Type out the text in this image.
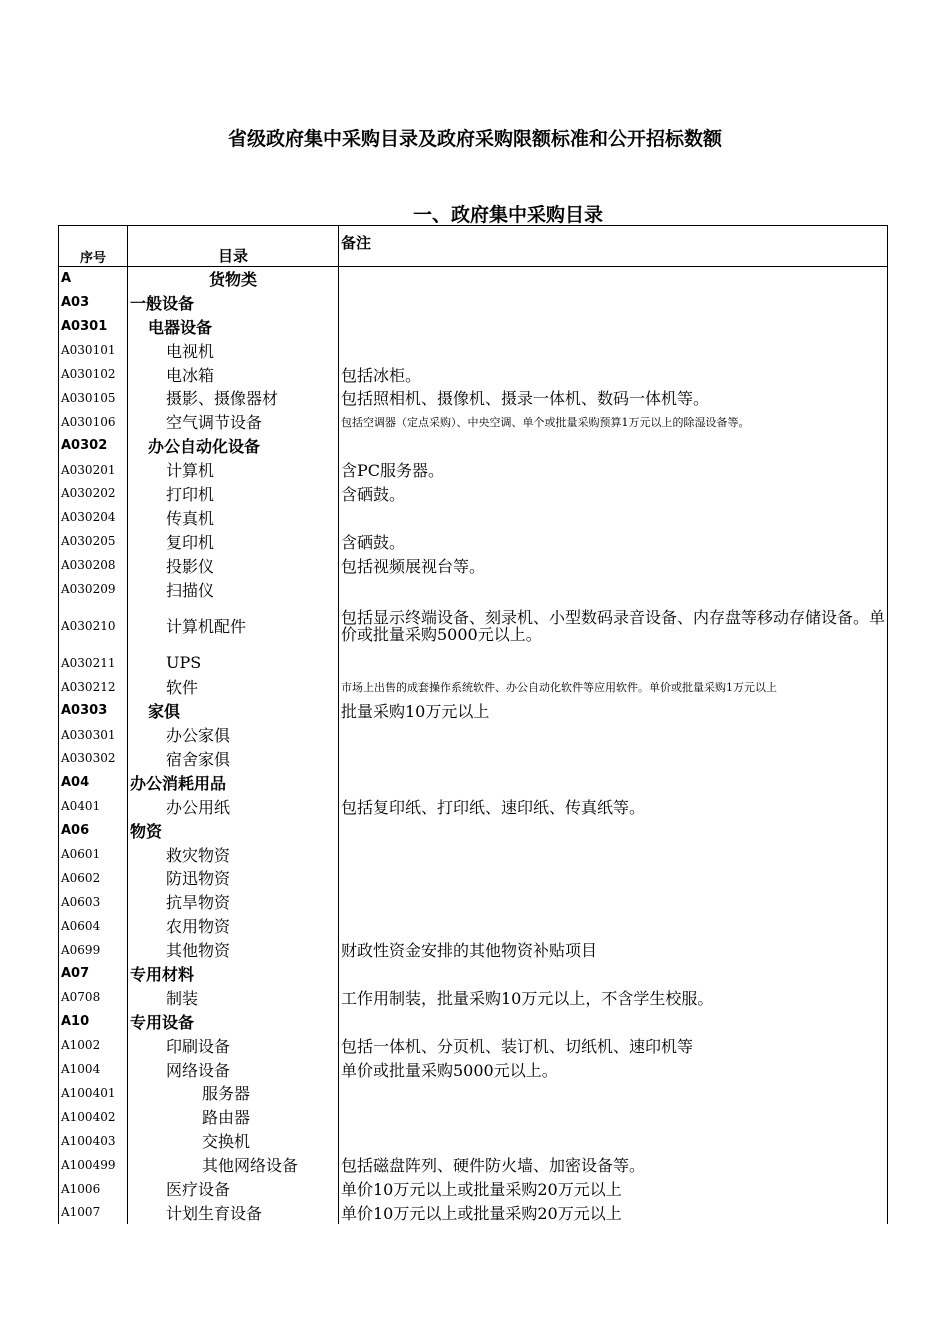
省级政府集中采购目录及政府采购限额标准和公开招标数额
一、政府集中采购目录
序号	目录	备注
A	货物类	
A03	一般设备	
A0301	电器设备	
A030101	电视机	
A030102	电冰箱	包括冰柜。
A030105	摄影、摄像器材	包括照相机、摄像机、摄录一体机、数码一体机等。
A030106	空气调节设备	包括空调器（定点采购）、中央空调、单个或批量采购预算1万元以上的除湿设备等。
A0302	办公自动化设备	
A030201	计算机	含PC服务器。
A030202	打印机	含硒鼓。
A030204	传真机	
A030205	复印机	含硒鼓。
A030208	投影仪	包括视频展视台等。
A030209	扫描仪	
A030210	计算机配件	包括显示终端设备、刻录机、小型数码录音设备、内存盘等移动存储设备。单价或批量采购5000元以上。
A030211	UPS	
A030212	软件	市场上出售的成套操作系统软件、办公自动化软件等应用软件。单价或批量采购1万元以上
A0303	家俱	批量采购10万元以上
A030301	办公家俱	
A030302	宿舍家俱	
A04	办公消耗用品	
A0401	办公用纸	包括复印纸、打印纸、速印纸、传真纸等。
A06	物资	
A0601	救灾物资	
A0602	防迅物资	
A0603	抗旱物资	
A0604	农用物资	
A0699	其他物资	财政性资金安排的其他物资补贴项目
A07	专用材料	
A0708	制装	工作用制装，批量采购10万元以上，不含学生校服。
A10	专用设备	
A1002	印刷设备	包括一体机、分页机、装订机、切纸机、速印机等
A1004	网络设备	单价或批量采购5000元以上。
A100401	服务器	
A100402	路由器	
A100403	交换机	
A100499	其他网络设备	包括磁盘阵列、硬件防火墙、加密设备等。
A1006	医疗设备	单价10万元以上或批量采购20万元以上
A1007	计划生育设备	单价10万元以上或批量采购20万元以上
